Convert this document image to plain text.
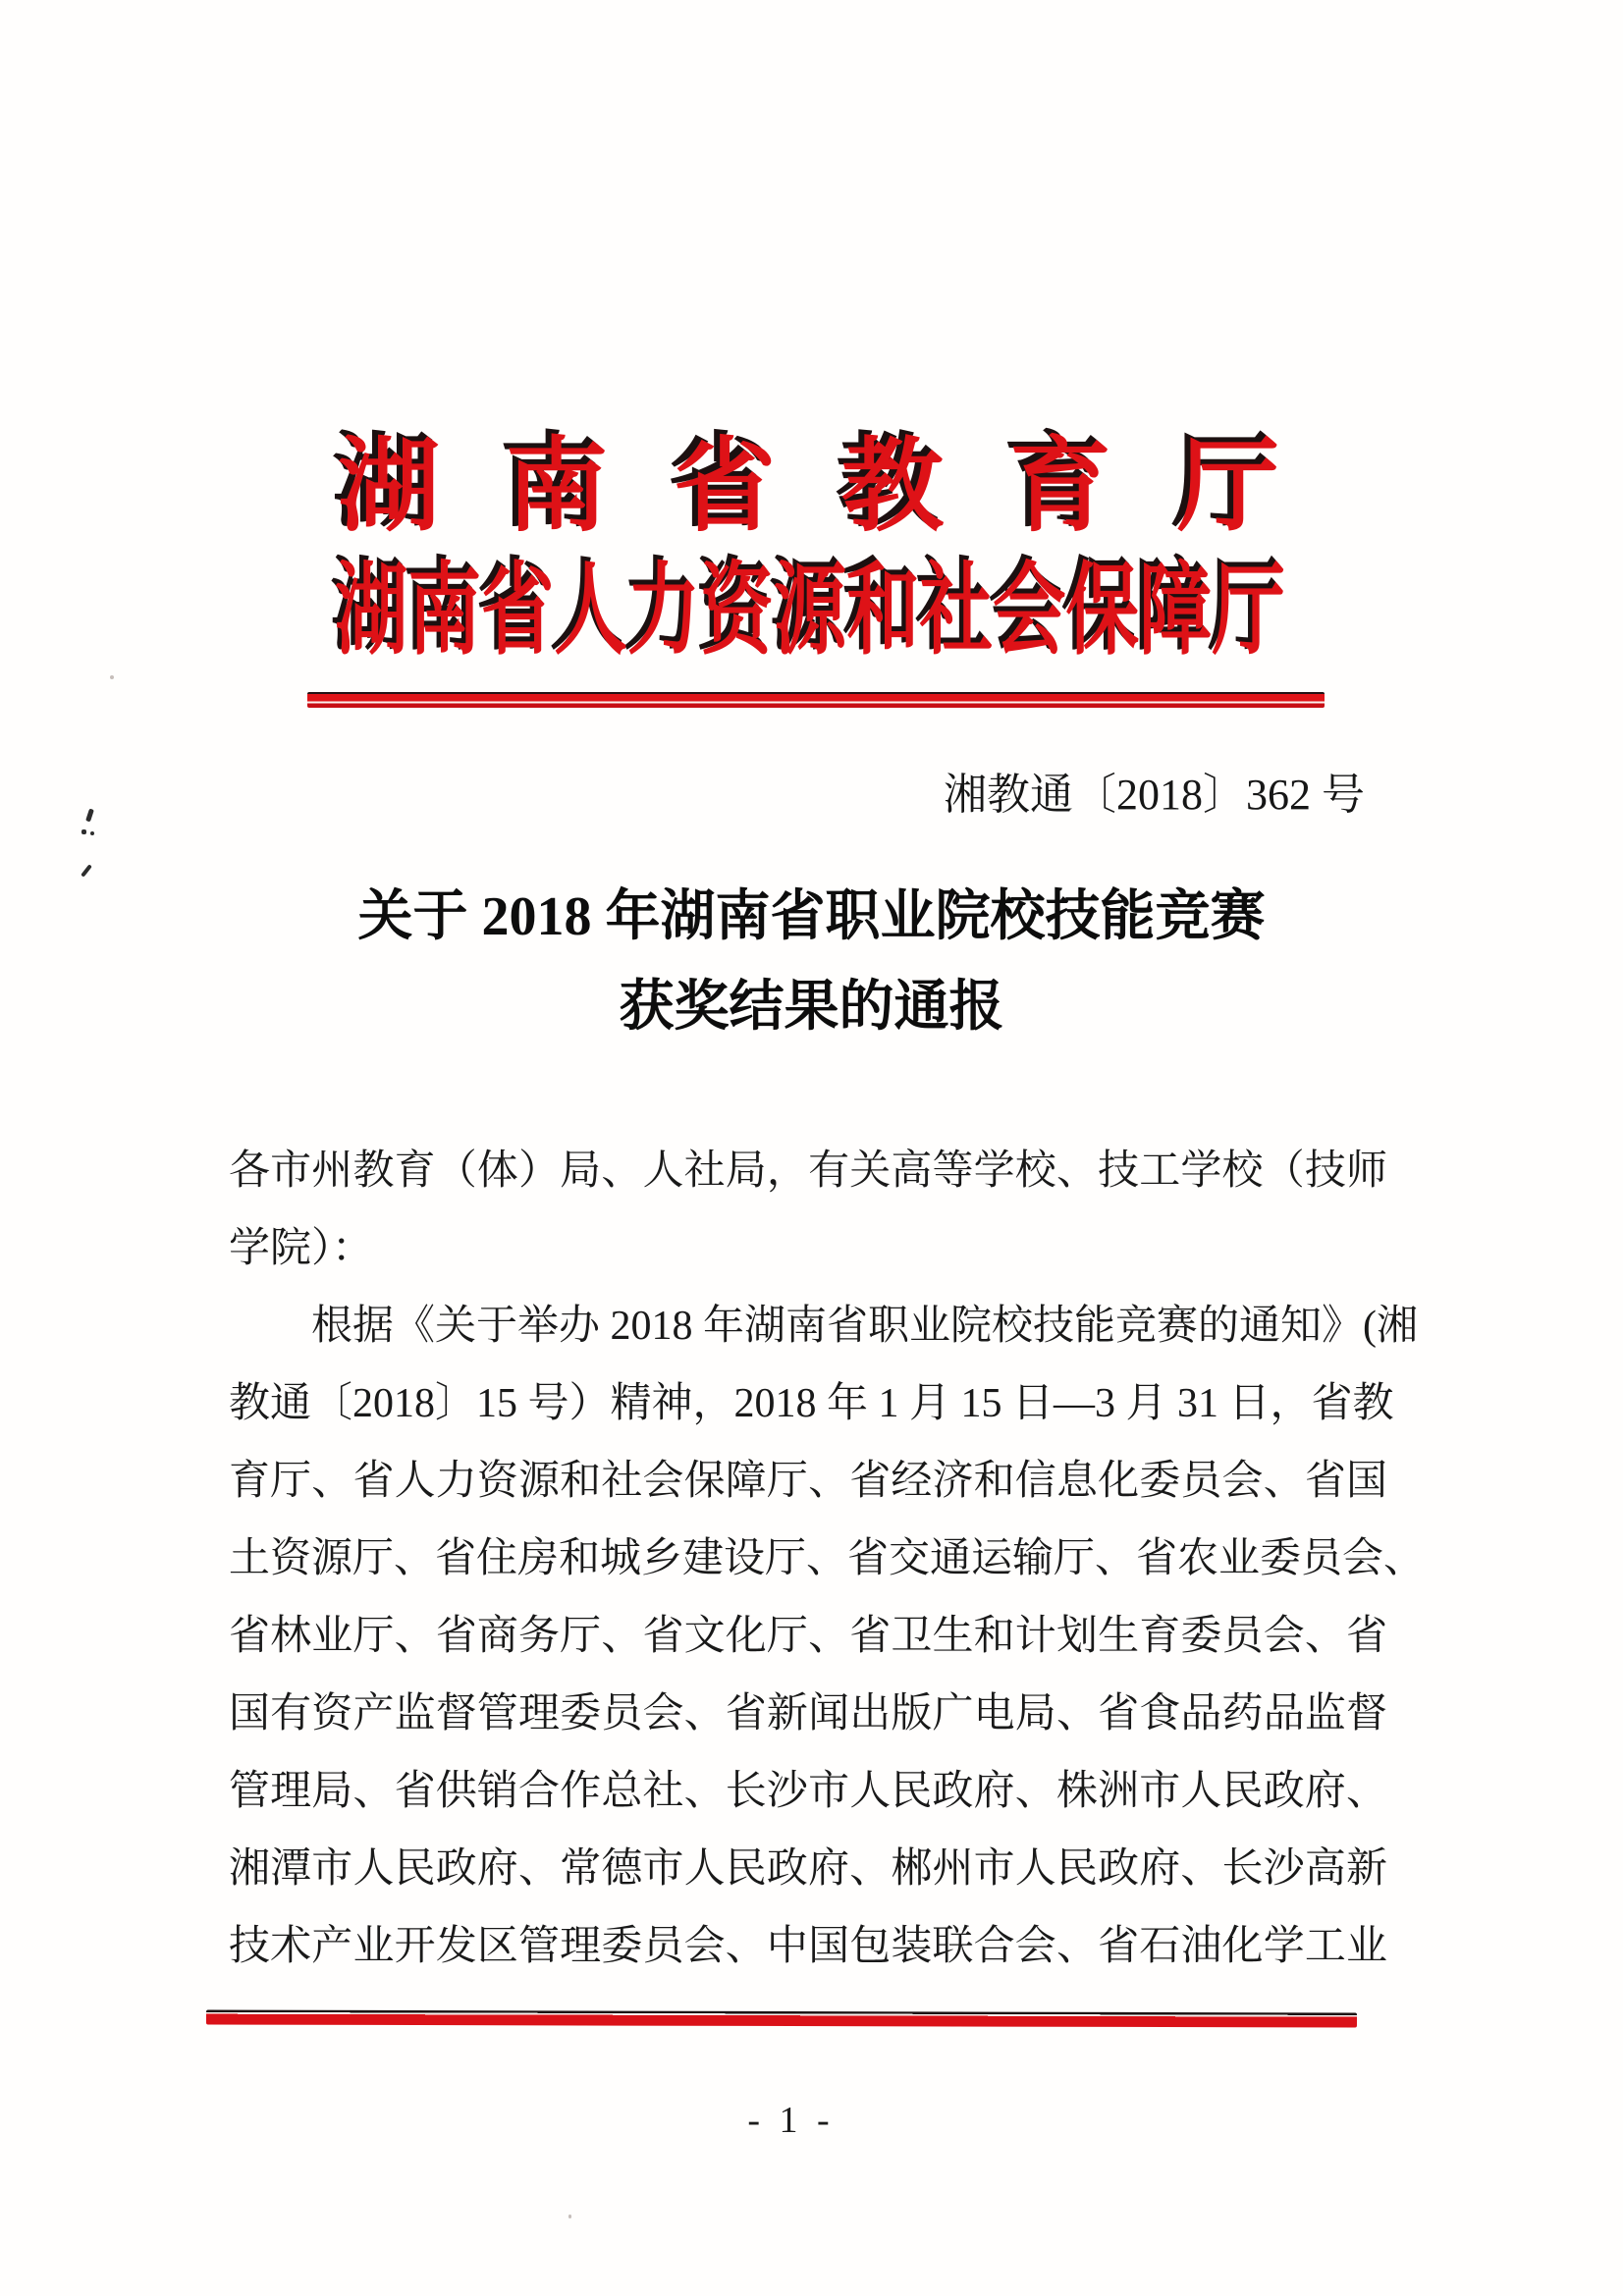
湖南省教育厅
湖南省人力资源和社会保障厅
湘教通〔2018〕362 号
关于 2018 年湖南省职业院校技能竞赛
获奖结果的通报
各市州教育（体）局、人社局，有关高等学校、技工学校（技师
学院）：
根据《关于举办 2018 年湖南省职业院校技能竞赛的通知》(湘
教通〔2018〕15 号）精神，2018 年 1 月 15 日—3 月 31 日，省教
育厅、省人力资源和社会保障厅、省经济和信息化委员会、省国
土资源厅、省住房和城乡建设厅、省交通运输厅、省农业委员会、
省林业厅、省商务厅、省文化厅、省卫生和计划生育委员会、省
国有资产监督管理委员会、省新闻出版广电局、省食品药品监督
管理局、省供销合作总社、长沙市人民政府、株洲市人民政府、
湘潭市人民政府、常德市人民政府、郴州市人民政府、长沙高新
技术产业开发区管理委员会、中国包装联合会、省石油化学工业
- 1 -
